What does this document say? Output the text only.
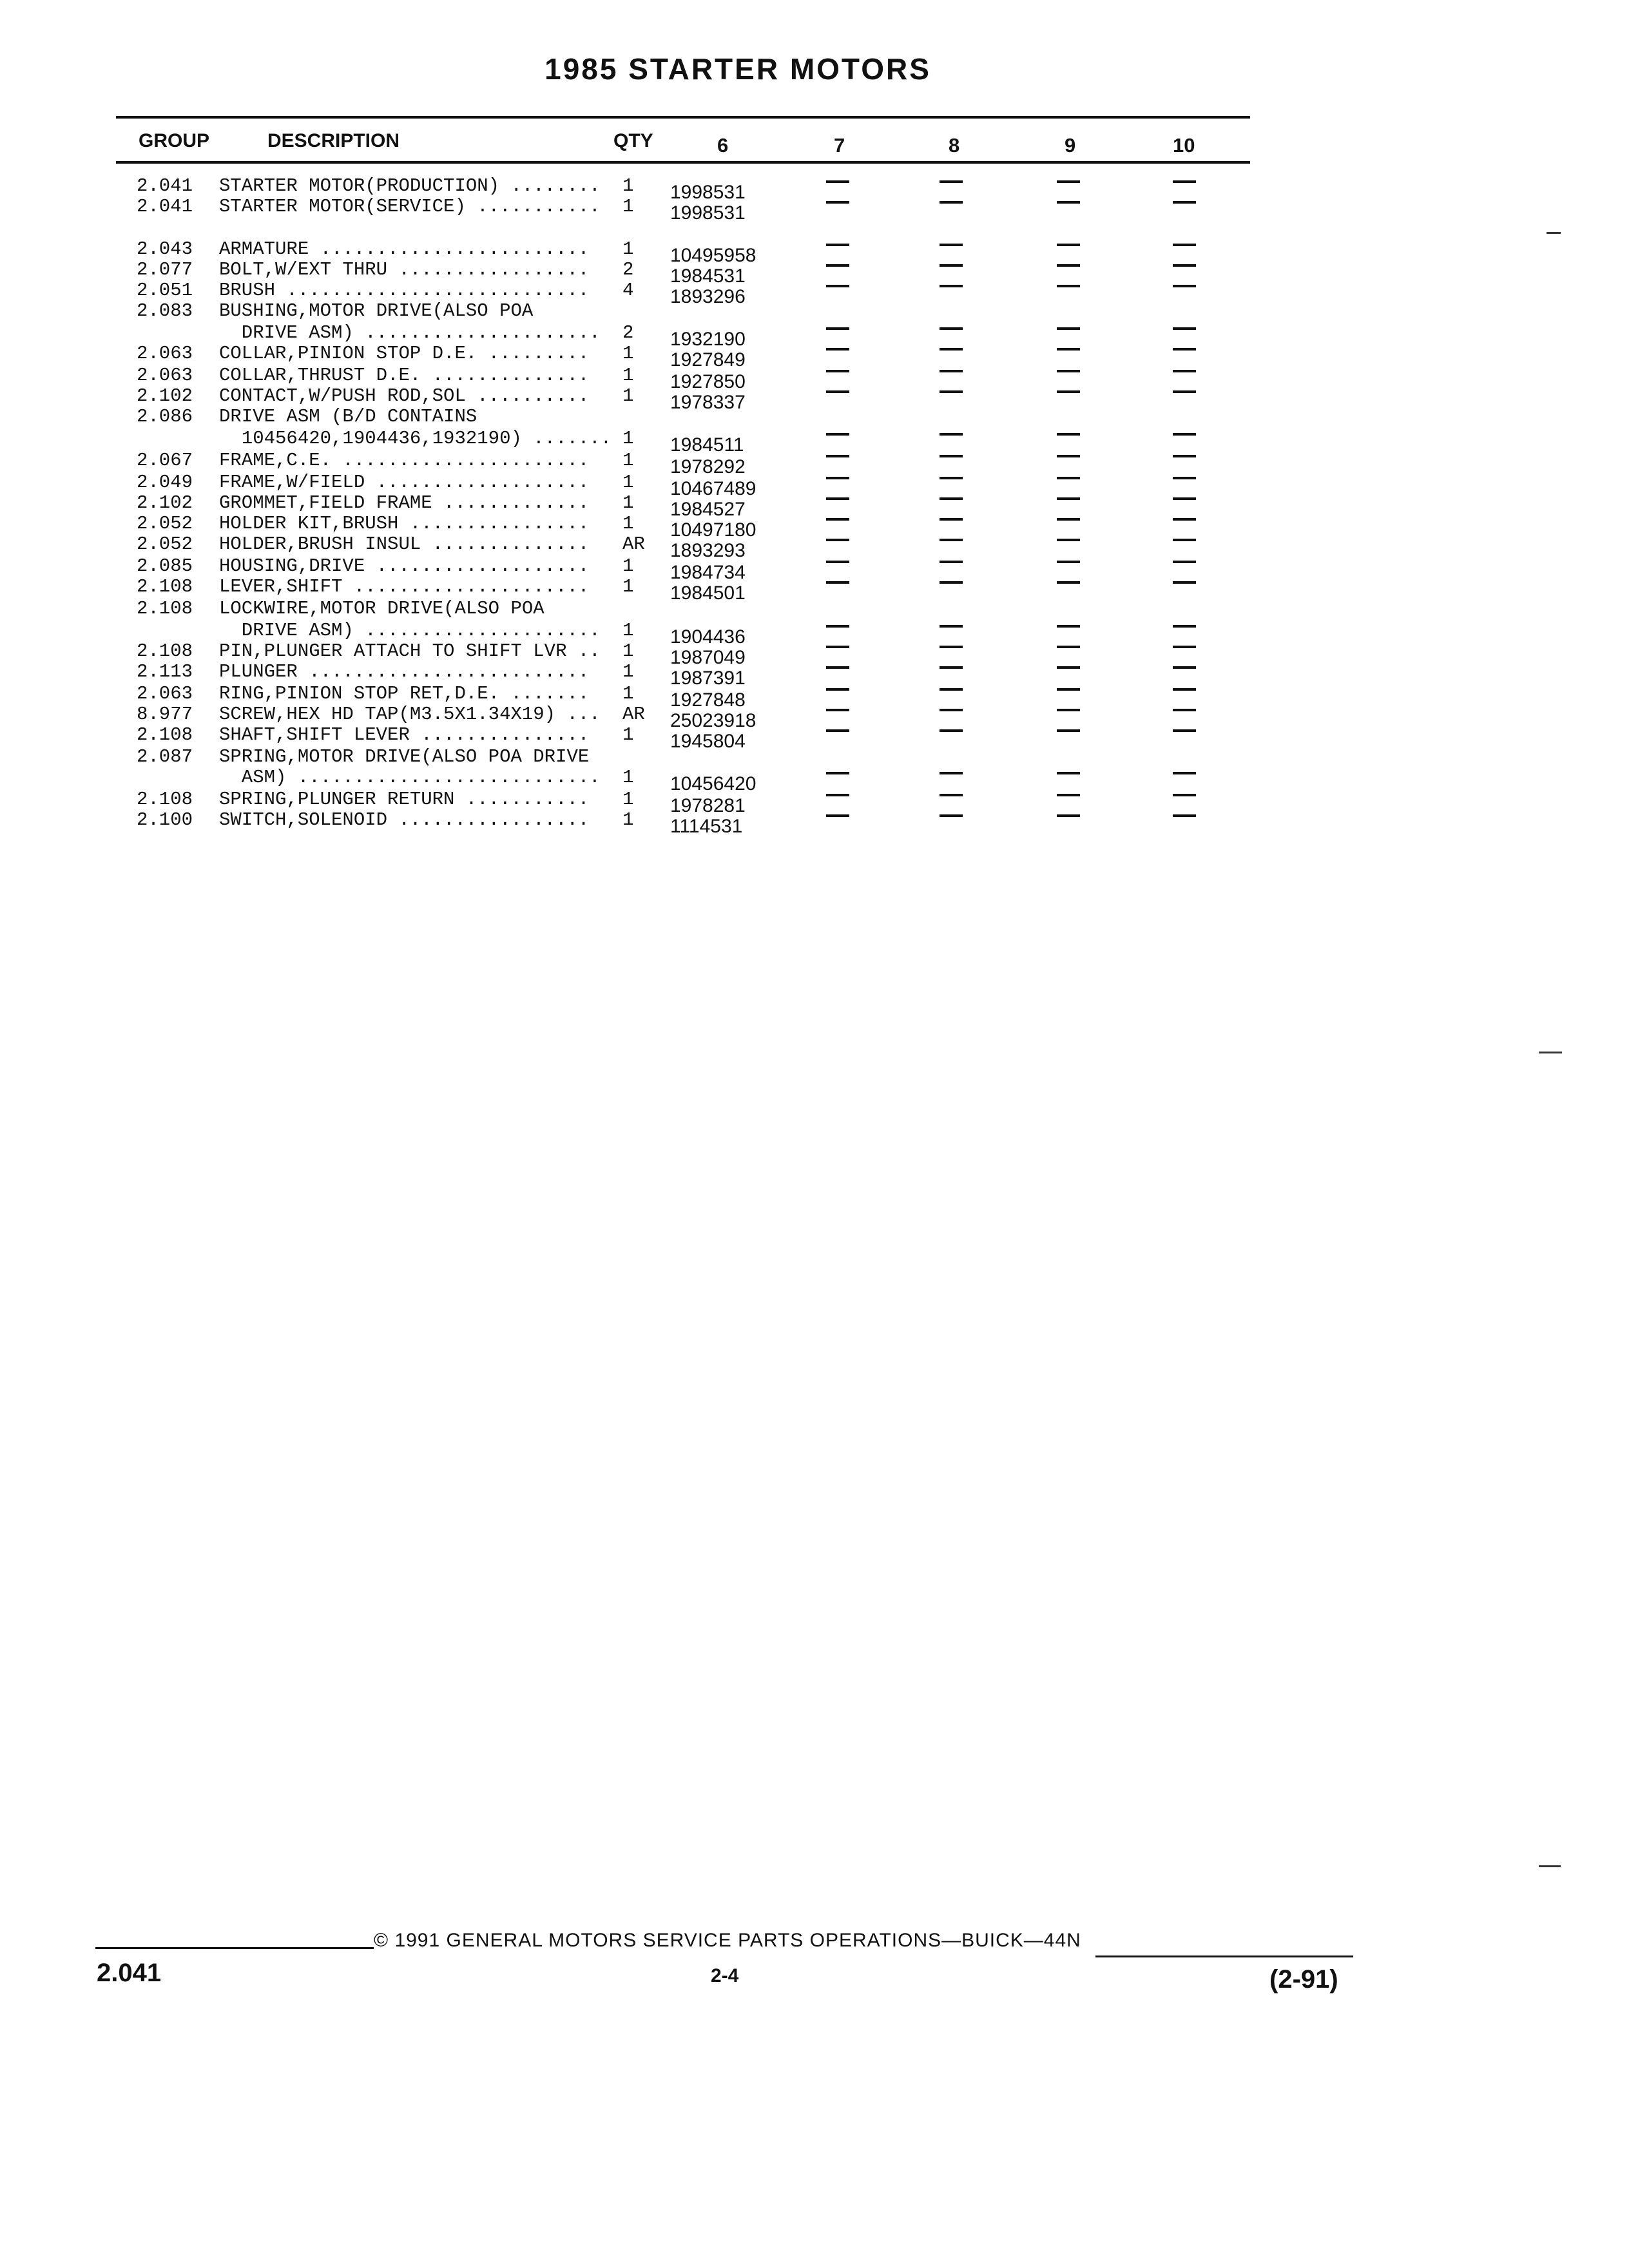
1985 STARTER MOTORS
GROUP	DESCRIPTION	QTY	6	7	8	9	10
2.041 STARTER MOTOR(PRODUCTION) ........ 1 1998531
2.041 STARTER MOTOR(SERVICE) ........... 1 1998531
2.043 ARMATURE ........................ 1 10495958
2.077 BOLT,W/EXT THRU ................. 2 1984531
2.051 BRUSH ........................... 4 1893296
2.083 BUSHING,MOTOR DRIVE(ALSO POA
DRIVE ASM) ..................... 2 1932190
2.063 COLLAR,PINION STOP D.E. ......... 1 1927849
2.063 COLLAR,THRUST D.E. .............. 1 1927850
2.102 CONTACT,W/PUSH ROD,SOL .......... 1 1978337
2.086 DRIVE ASM (B/D CONTAINS
10456420,1904436,1932190) ....... 1 1984511
2.067 FRAME,C.E. ...................... 1 1978292
2.049 FRAME,W/FIELD ................... 1 10467489
2.102 GROMMET,FIELD FRAME ............. 1 1984527
2.052 HOLDER KIT,BRUSH ................ 1 10497180
2.052 HOLDER,BRUSH INSUL .............. AR 1893293
2.085 HOUSING,DRIVE ................... 1 1984734
2.108 LEVER,SHIFT ..................... 1 1984501
2.108 LOCKWIRE,MOTOR DRIVE(ALSO POA
DRIVE ASM) ..................... 1 1904436
2.108 PIN,PLUNGER ATTACH TO SHIFT LVR .. 1 1987049
2.113 PLUNGER ......................... 1 1987391
2.063 RING,PINION STOP RET,D.E. ....... 1 1927848
8.977 SCREW,HEX HD TAP(M3.5X1.34X19) ... AR 25023918
2.108 SHAFT,SHIFT LEVER ............... 1 1945804
2.087 SPRING,MOTOR DRIVE(ALSO POA DRIVE
ASM) ........................... 1 10456420
2.108 SPRING,PLUNGER RETURN ........... 1 1978281
2.100 SWITCH,SOLENOID ................. 1 1114531
© 1991 GENERAL MOTORS SERVICE PARTS OPERATIONS—BUICK—44N
2.041	2-4	(2-91)
